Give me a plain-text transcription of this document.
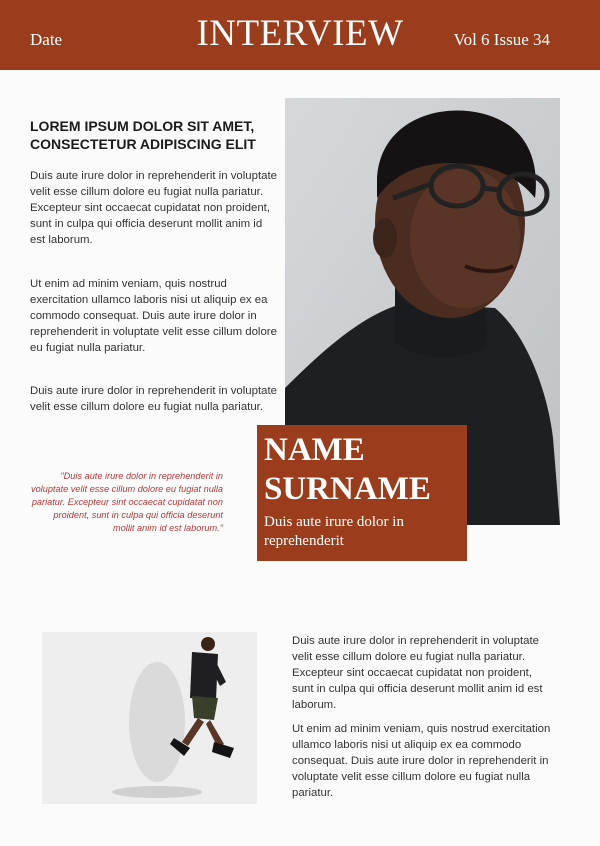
Date	INTERVIEW	Vol 6 Issue 34
LOREM IPSUM DOLOR SIT AMET, CONSECTETUR ADIPISCING ELIT
Duis aute irure dolor in reprehenderit in voluptate velit esse cillum dolore eu fugiat nulla pariatur. Excepteur sint occaecat cupidatat non proident, sunt in culpa qui officia deserunt mollit anim id est laborum.
Ut enim ad minim veniam, quis nostrud exercitation ullamco laboris nisi ut aliquip ex ea commodo consequat. Duis aute irure dolor in reprehenderit in voluptate velit esse cillum dolore eu fugiat nulla pariatur.
Duis aute irure dolor in reprehenderit in voluptate velit esse cillum dolore eu fugiat nulla pariatur.
"Duis aute irure dolor in reprehenderit in voluptate velit esse cillum dolore eu fugiat nulla pariatur. Excepteur sint occaecat cupidatat non proident, sunt in culpa qui officia deserunt mollit anim id est laborum."
NAME
SURNAME
Duis aute irure dolor in reprehenderit
Duis aute irure dolor in reprehenderit in voluptate velit esse cillum dolore eu fugiat nulla pariatur. Excepteur sint occaecat cupidatat non proident, sunt in culpa qui officia deserunt mollit anim id est laborum.
Ut enim ad minim veniam, quis nostrud exercitation ullamco laboris nisi ut aliquip ex ea commodo consequat. Duis aute irure dolor in reprehenderit in voluptate velit esse cillum dolore eu fugiat nulla pariatur.
